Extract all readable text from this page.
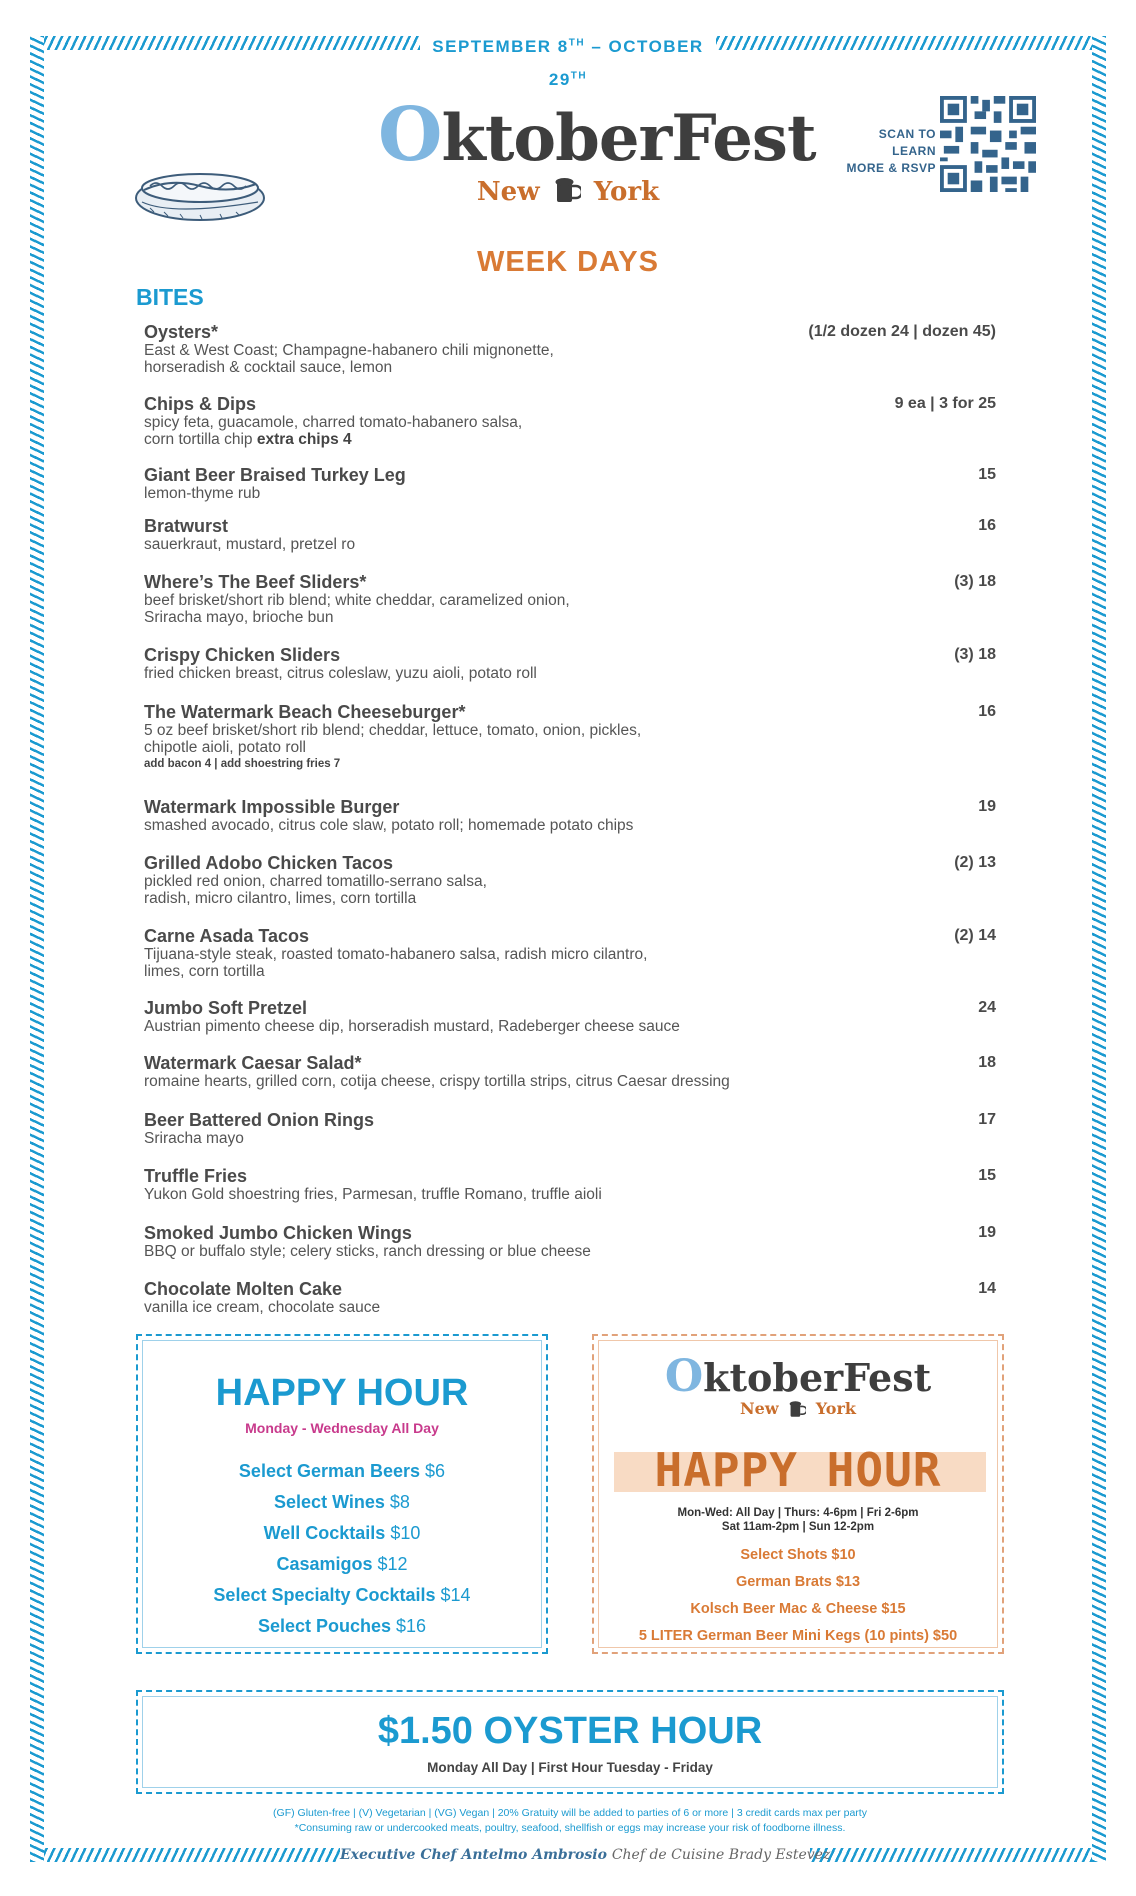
SEPTEMBER 8TH – OCTOBER 29TH
OktoberFest
New York
SCAN TO LEARN
MORE & RSVP
WEEK DAYS
BITES
Oysters*	(1/2 dozen 24 | dozen 45)
East & West Coast; Champagne-habanero chili mignonette,
horseradish & cocktail sauce, lemon
Chips & Dips	9 ea | 3 for 25
spicy feta, guacamole, charred tomato-habanero salsa,
corn tortilla chip extra chips 4
Giant Beer Braised Turkey Leg	15
lemon-thyme rub
Bratwurst	16
sauerkraut, mustard, pretzel ro
Where’s The Beef Sliders*	(3) 18
beef brisket/short rib blend; white cheddar, caramelized onion,
Sriracha mayo, brioche bun
Crispy Chicken Sliders	(3) 18
fried chicken breast, citrus coleslaw, yuzu aioli, potato roll
The Watermark Beach Cheeseburger*	16
5 oz beef brisket/short rib blend; cheddar, lettuce, tomato, onion, pickles,
chipotle aioli, potato roll
add bacon 4 | add shoestring fries 7
Watermark Impossible Burger	19
smashed avocado, citrus cole slaw, potato roll; homemade potato chips
Grilled Adobo Chicken Tacos	(2) 13
pickled red onion, charred tomatillo-serrano salsa,
radish, micro cilantro, limes, corn tortilla
Carne Asada Tacos	(2) 14
Tijuana-style steak, roasted tomato-habanero salsa, radish micro cilantro,
limes, corn tortilla
Jumbo Soft Pretzel	24
Austrian pimento cheese dip, horseradish mustard, Radeberger cheese sauce
Watermark Caesar Salad*	18
romaine hearts, grilled corn, cotija cheese, crispy tortilla strips, citrus Caesar dressing
Beer Battered Onion Rings	17
Sriracha mayo
Truffle Fries	15
Yukon Gold shoestring fries, Parmesan, truffle Romano, truffle aioli
Smoked Jumbo Chicken Wings	19
BBQ or buffalo style; celery sticks, ranch dressing or blue cheese
Chocolate Molten Cake	14
vanilla ice cream, chocolate sauce
HAPPY HOUR
Monday - Wednesday All Day
Select German Beers $6
Select Wines $8
Well Cocktails $10
Casamigos $12
Select Specialty Cocktails $14
Select Pouches $16
OktoberFest
New York
HAPPY HOUR
Mon-Wed: All Day | Thurs: 4-6pm | Fri 2-6pm
Sat 11am-2pm | Sun 12-2pm
Select Shots $10
German Brats $13
Kolsch Beer Mac & Cheese $15
5 LITER German Beer Mini Kegs (10 pints) $50
$1.50 OYSTER HOUR
Monday All Day | First Hour Tuesday - Friday
(GF) Gluten-free | (V) Vegetarian | (VG) Vegan | 20% Gratuity will be added to parties of 6 or more | 3 credit cards max per party
*Consuming raw or undercooked meats, poultry, seafood, shellfish or eggs may increase your risk of foodborne illness.
Executive Chef Antelmo Ambrosio Chef de Cuisine Brady Estevez
